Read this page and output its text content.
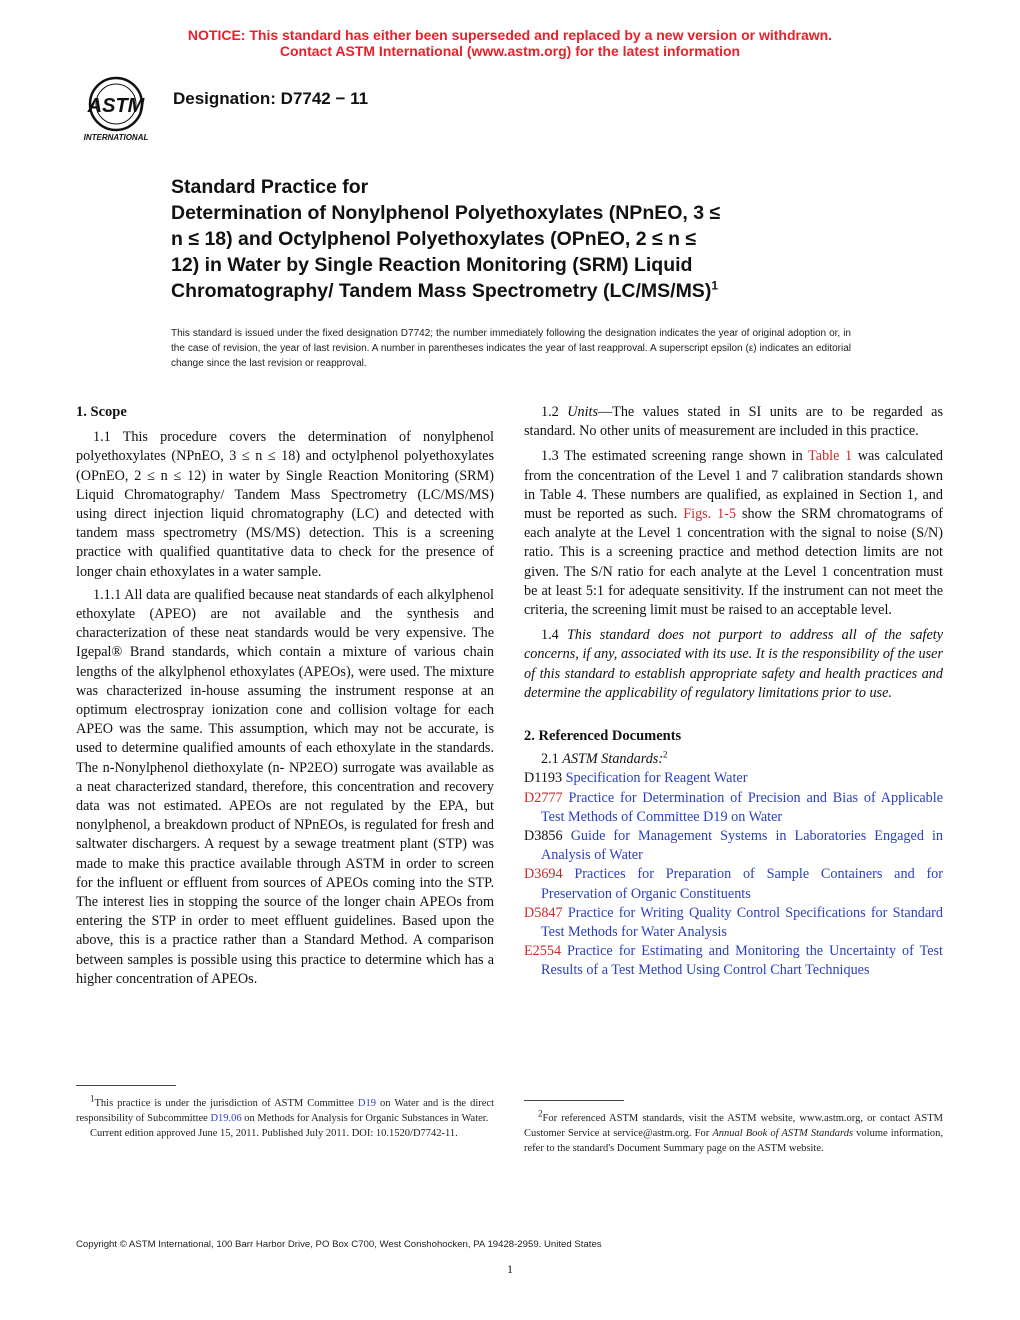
NOTICE: This standard has either been superseded and replaced by a new version or withdrawn.
Contact ASTM International (www.astm.org) for the latest information
ASTM
INTERNATIONAL
Designation: D7742 − 11
Standard Practice for
Determination of Nonylphenol Polyethoxylates (NPnEO, 3 ≤
n ≤ 18) and Octylphenol Polyethoxylates (OPnEO, 2 ≤ n ≤
12) in Water by Single Reaction Monitoring (SRM) Liquid
Chromatography/ Tandem Mass Spectrometry $(LC/MS/MS)^1$
This standard is issued under the fixed designation D7742; the number immediately following the designation indicates the year of original adoption or, in the case of revision, the year of last revision. A number in parentheses indicates the year of last reapproval. A superscript epsilon (ε) indicates an editorial change since the last revision or reapproval.

1. Scope

1.1 This procedure covers the determination of nonylphenol polyethoxylates (NPnEO, 3 ≤ n ≤ 18) and octylphenol polyethoxylates (OPnEO, 2 ≤ n ≤ 12) in water by Single Reaction Monitoring (SRM) Liquid Chromatography/ Tandem Mass Spectrometry (LC/MS/MS) using direct injection liquid chromatography (LC) and detected with tandem mass spectrometry (MS/MS) detection. This is a screening practice with qualified quantitative data to check for the presence of longer chain ethoxylates in a water sample.

1.1.1 All data are qualified because neat standards of each alkylphenol ethoxylate (APEO) are not available and the synthesis and characterization of these neat standards would be very expensive. The Igepal® Brand standards, which contain a mixture of various chain lengths of the alkylphenol ethoxylates (APEOs), were used. The mixture was characterized in-house assuming the instrument response at an optimum electrospray ionization cone and collision voltage for each APEO was the same. This assumption, which may not be accurate, is used to determine qualified amounts of each ethoxylate in the standards. The n-Nonylphenol diethoxylate (n- NP2EO) surrogate was available as a neat characterized standard, therefore, this concentration and recovery data was not estimated. APEOs are not regulated by the EPA, but nonylphenol, a breakdown product of NPnEOs, is regulated for fresh and saltwater dischargers. A request by a sewage treatment plant (STP) was made to make this practice available through ASTM in order to screen for the influent or effluent from sources of APEOs coming into the STP. The interest lies in stopping the source of the longer chain APEOs from entering the STP in order to meet effluent guidelines. Based upon the above, this is a practice rather than a Standard Method. A comparison between samples is possible using this practice to determine which has a higher concentration of APEOs.

$^1$This practice is under the jurisdiction of ASTM Committee D19 on Water and is the direct responsibility of Subcommittee D19.06 on Methods for Analysis for Organic Substances in Water.

Current edition approved June 15, 2011. Published July 2011. DOI: 10.1520/D7742-11.

1.2 Units—The values stated in SI units are to be regarded as standard. No other units of measurement are included in this practice.

1.3 The estimated screening range shown in Table 1 was calculated from the concentration of the Level 1 and 7 calibration standards shown in Table 4. These numbers are qualified, as explained in Section 1, and must be reported as such. Figs. 1-5 show the SRM chromatograms of each analyte at the Level 1 concentration with the signal to noise (S/N) ratio. This is a screening practice and method detection limits are not given. The S/N ratio for each analyte at the Level 1 concentration must be at least 5:1 for adequate sensitivity. If the instrument can not meet the criteria, the screening limit must be raised to an acceptable level.

1.4 This standard does not purport to address all of the safety concerns, if any, associated with its use. It is the responsibility of the user of this standard to establish appropriate safety and health practices and determine the applicability of regulatory limitations prior to use.

2. Referenced Documents

2.1 ASTM Standards:$^2$

D1193 Specification for Reagent Water

D2777 Practice for Determination of Precision and Bias of Applicable Test Methods of Committee D19 on Water

D3856 Guide for Management Systems in Laboratories Engaged in Analysis of Water

D3694 Practices for Preparation of Sample Containers and for Preservation of Organic Constituents

D5847 Practice for Writing Quality Control Specifications for Standard Test Methods for Water Analysis

E2554 Practice for Estimating and Monitoring the Uncertainty of Test Results of a Test Method Using Control Chart Techniques

$^2$For referenced ASTM standards, visit the ASTM website, www.astm.org, or contact ASTM Customer Service at service@astm.org. For Annual Book of ASTM Standards volume information, refer to the standard's Document Summary page on the ASTM website.

Copyright © ASTM International, 100 Barr Harbor Drive, PO Box C700, West Conshohocken, PA 19428-2959. United States
1
